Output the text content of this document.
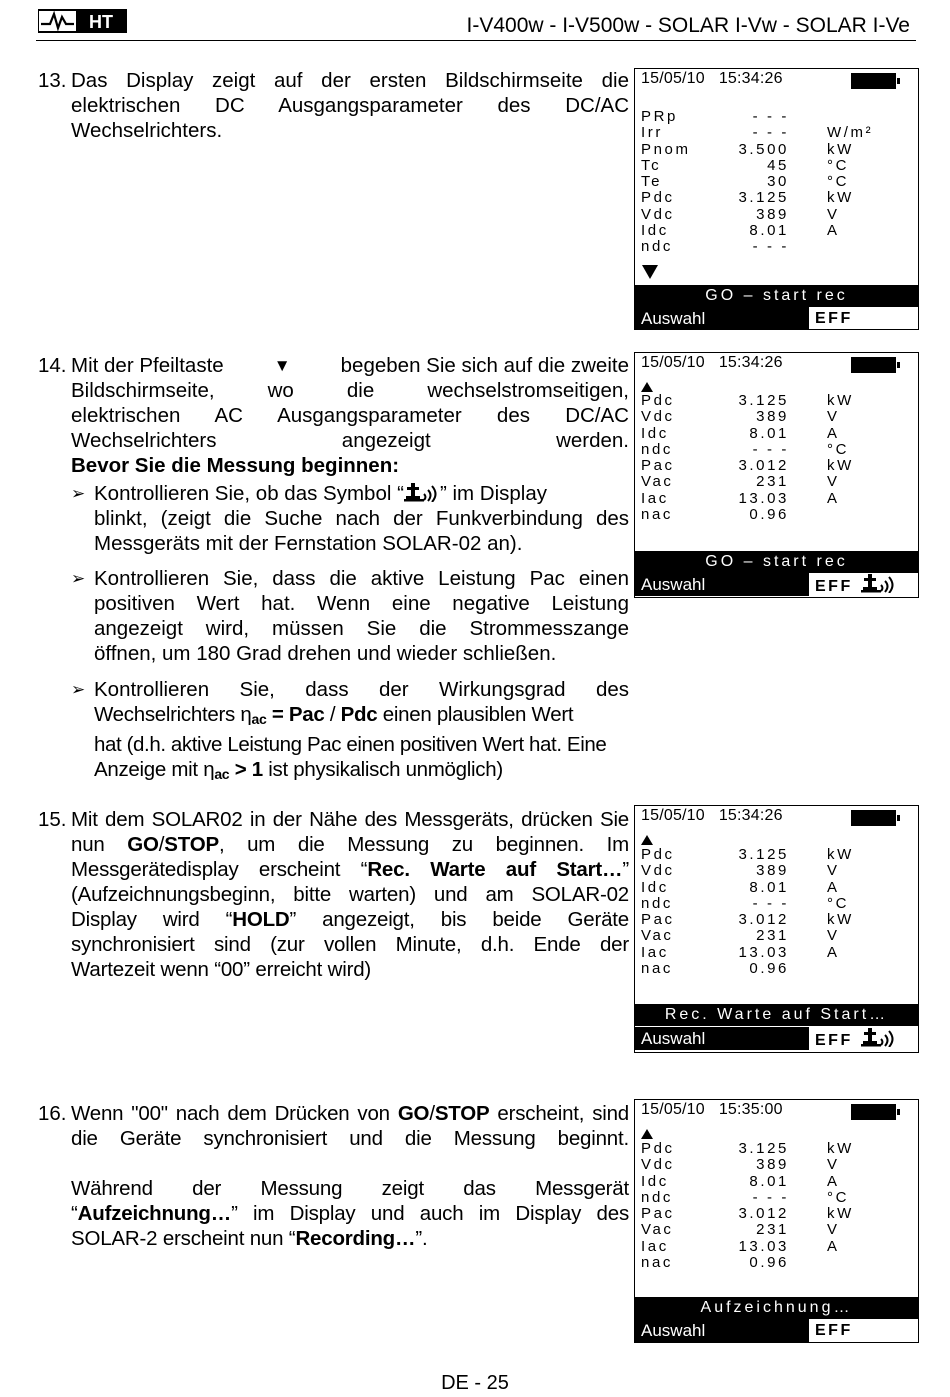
HT	I-V400w - I-V500w - SOLAR I-Vw - SOLAR I-Ve
13. Das Display zeigt auf der ersten Bildschirmseite die

elektrischen DC Ausgangsparameter des DC/AC

Wechselrichters.

14. Mit der Pfeiltaste	▼ begeben Sie sich auf die zweite

Bildschirmseite, wo die wechselstromseitigen,

elektrischen AC Ausgangsparameter des DC/AC

Wechselrichters angezeigt werden.

Bevor Sie die Messung beginnen:

➢ Kontrollieren Sie, ob das Symbol “ ” im Display

blinkt, (zeigt die Suche nach der Funkverbindung des

Messgeräts mit der Fernstation SOLAR-02 an).

➢ Kontrollieren Sie, dass die aktive Leistung Pac einen

positiven Wert hat. Wenn eine negative Leistung

angezeigt wird, müssen Sie die Strommesszange

öffnen, um 180 Grad drehen und wieder schließen.

➢ Kontrollieren Sie, dass der Wirkungsgrad des

Wechselrichters $\eta_{ac}$ = Pac / Pdc einen plausiblen Wert

hat (d.h. aktive Leistung Pac einen positiven Wert hat. Eine

Anzeige mit $\eta_{ac} > 1$ ist physikalisch unmöglich)

15. Mit dem SOLAR02 in der Nähe des Messgeräts, drücken Sie

nun GO/STOP, um die Messung zu beginnen. Im

Messgerätedisplay erscheint “Rec. Warte auf Start…”

(Aufzeichnungsbeginn, bitte warten) und am SOLAR-02

Display wird “HOLD” angezeigt, bis beide Geräte

synchronisiert sind (zur vollen Minute, d.h. Ende der

Wartezeit wenn “00” erreicht wird)

16. Wenn "00" nach dem Drücken von GO/STOP erscheint, sind

die Geräte synchronisiert und die Messung beginnt.

Während der Messung zeigt das Messgerät

“Aufzeichnung…” im Display und auch im Display des

SOLAR-2 erscheint nun “Recording…”.

15/05/10   15:34:26
PRp	- - -
Irr	- - -	W/m²
Pnom	3.500	kW
Tc	45	°C
Te	30	°C
Pdc	3.125	kW
Vdc	389	V
Idc	8.01	A
ndc	- - -
GO – start rec
Auswahl	EFF
15/05/10   15:34:26
Pdc	3.125	kW
Vdc	389	V
Idc	8.01	A
ndc	- - -	°C
Pac	3.012	kW
Vac	231	V
Iac	13.03	A
nac	0.96
GO – start rec
Auswahl	EFF
15/05/10   15:34:26
Pdc	3.125	kW
Vdc	389	V
Idc	8.01	A
ndc	- - -	°C
Pac	3.012	kW
Vac	231	V
Iac	13.03	A
nac	0.96
Rec. Warte auf Start…
Auswahl	EFF
15/05/10   15:35:00
Pdc	3.125	kW
Vdc	389	V
Idc	8.01	A
ndc	- - -	°C
Pac	3.012	kW
Vac	231	V
Iac	13.03	A
nac	0.96
Aufzeichnung…
Auswahl	EFF
DE - 25
